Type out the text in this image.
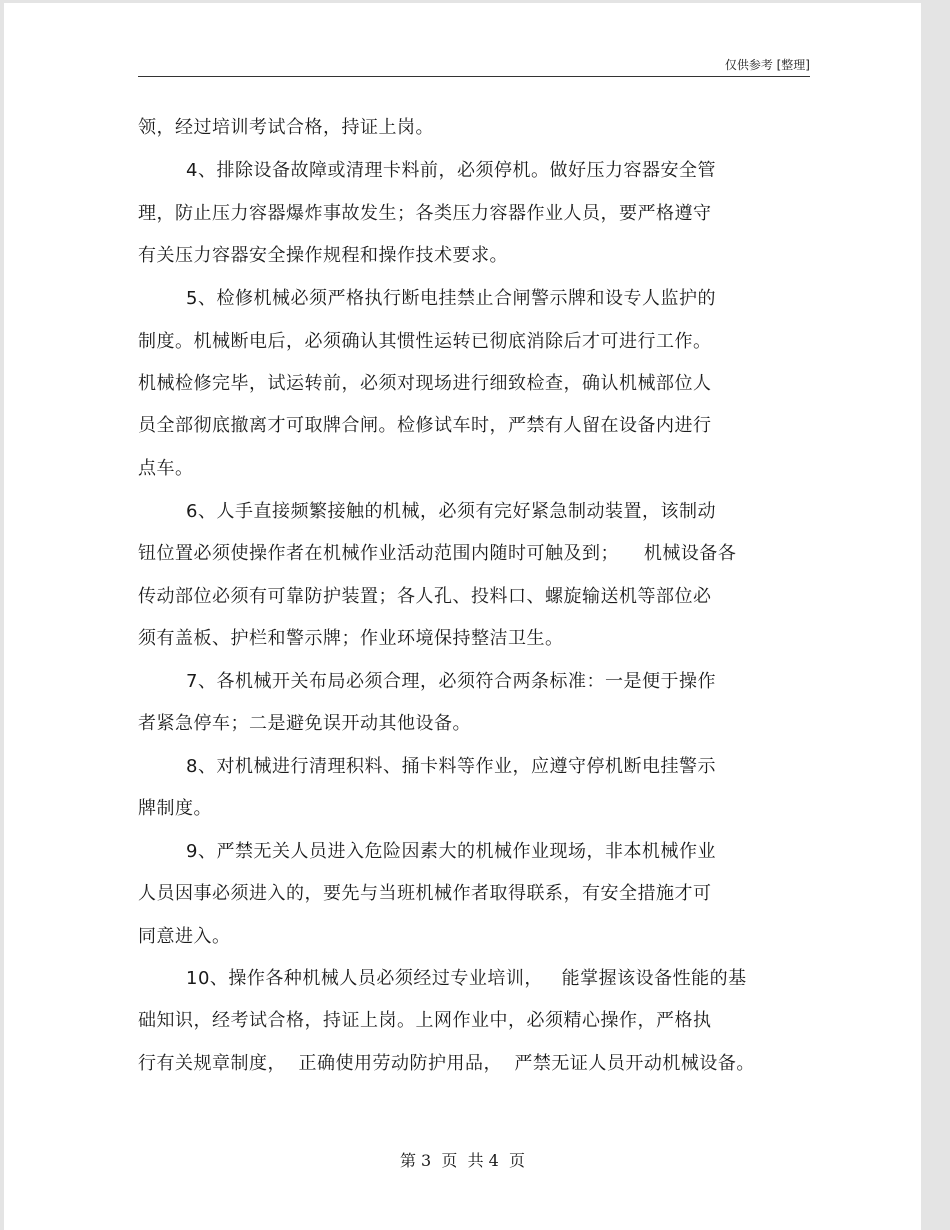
仅供参考 [整理]
领，经过培训考试合格，持证上岗。
4、排除设备故障或清理卡料前，必须停机。做好压力容器安全管
理，防止压力容器爆炸事故发生；各类压力容器作业人员，要严格遵守
有关压力容器安全操作规程和操作技术要求。
5、检修机械必须严格执行断电挂禁止合闸警示牌和设专人监护的
制度。机械断电后，必须确认其惯性运转已彻底消除后才可进行工作。
机械检修完毕，试运转前，必须对现场进行细致检查，确认机械部位人
员全部彻底撤离才可取牌合闸。检修试车时，严禁有人留在设备内进行
点车。
6、人手直接频繁接触的机械，必须有完好紧急制动装置，该制动
钮位置必须使操作者在机械作业活动范围内随时可触及到；    机械设备各
传动部位必须有可靠防护装置；各人孔、投料口、螺旋输送机等部位必
须有盖板、护栏和警示牌；作业环境保持整洁卫生。
7、各机械开关布局必须合理，必须符合两条标准：一是便于操作
者紧急停车；二是避免误开动其他设备。
8、对机械进行清理积料、捅卡料等作业，应遵守停机断电挂警示
牌制度。
9、严禁无关人员进入危险因素大的机械作业现场，非本机械作业
人员因事必须进入的，要先与当班机械作者取得联系，有安全措施才可
同意进入。
10、操作各种机械人员必须经过专业培训，   能掌握该设备性能的基
础知识，经考试合格，持证上岗。上网作业中，必须精心操作，严格执
行有关规章制度，  正确使用劳动防护用品，  严禁无证人员开动机械设备。
第 3  页  共 4  页
